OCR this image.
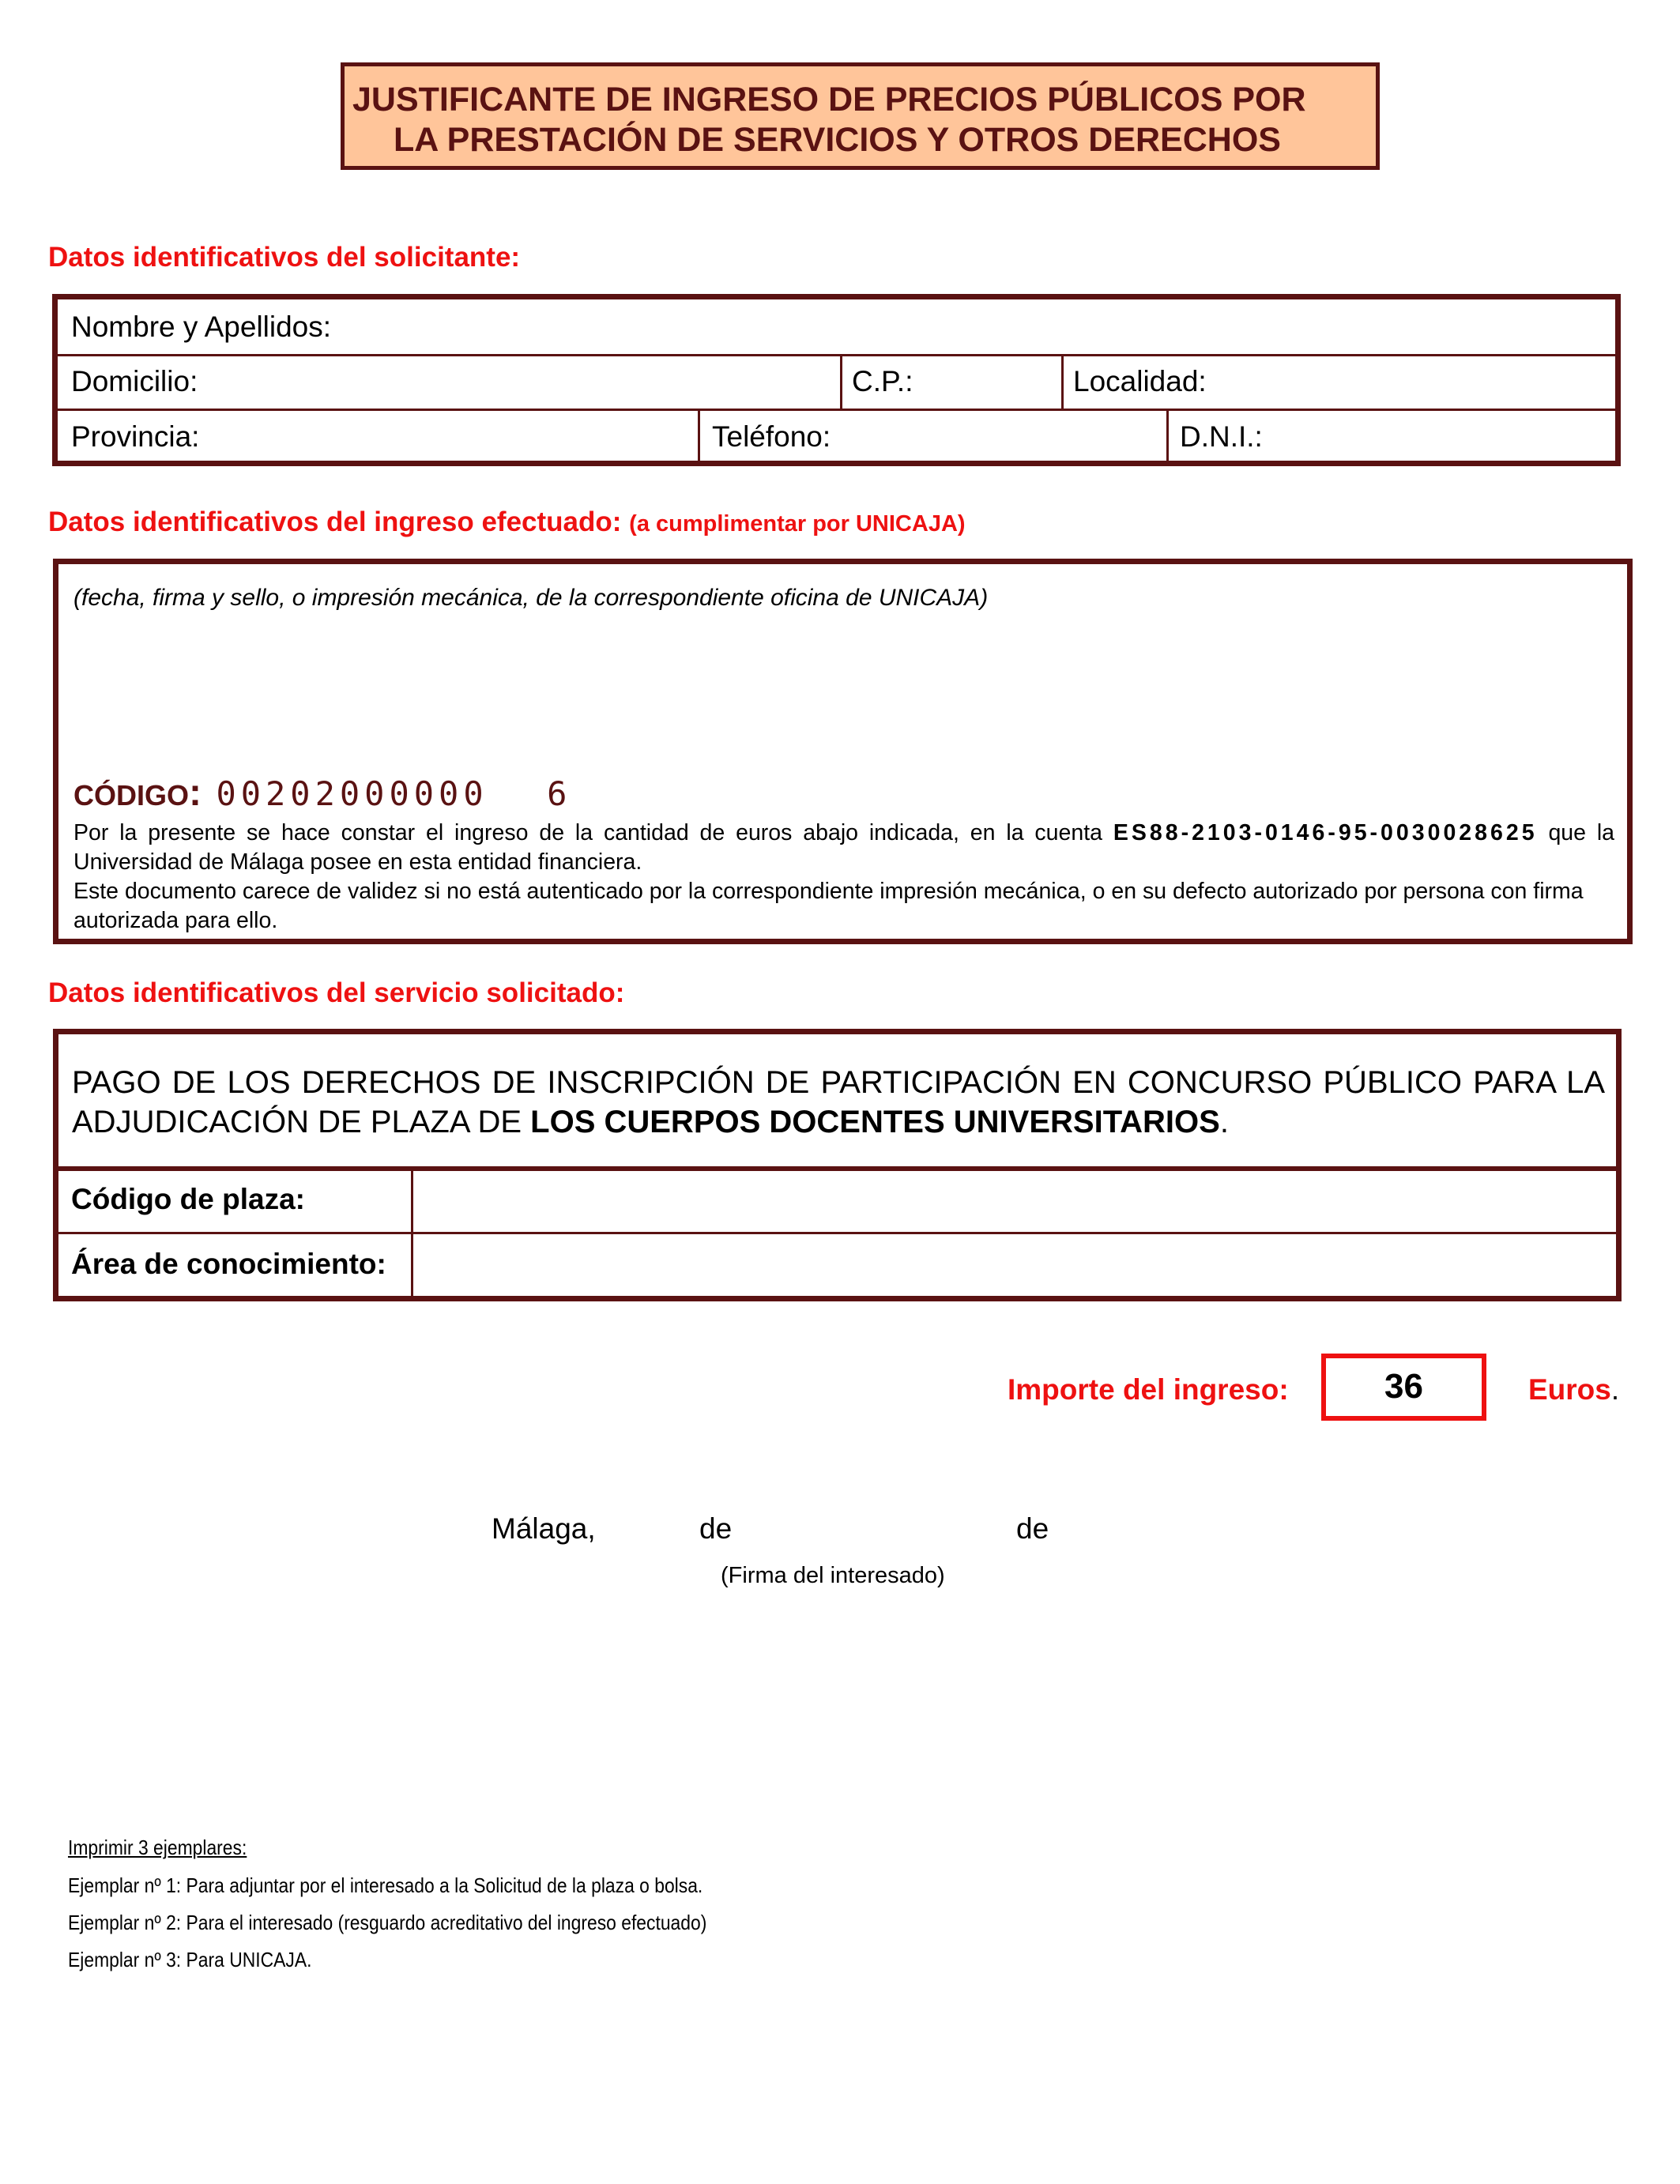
JUSTIFICANTE DE INGRESO DE PRECIOS PÚBLICOS POR
LA PRESTACIÓN DE SERVICIOS Y OTROS DERECHOS
Datos identificativos del solicitante:
Nombre y Apellidos:
Domicilio:	C.P.:	Localidad:
Provincia:	Teléfono:	D.N.I.:
Datos identificativos del ingreso efectuado: (a cumplimentar por UNICAJA)
(fecha, firma y sello, o impresión mecánica, de la correspondiente oficina de UNICAJA)
CÓDIGO: 00202000000 6

Por la presente se hace constar el ingreso de la cantidad de euros abajo indicada, en la cuenta ES88-2103-0146-95-0030028625 que la Universidad de Málaga posee en esta entidad financiera.

Este documento carece de validez si no está autenticado por la correspondiente impresión mecánica, o en su defecto autorizado por persona con firma autorizada para ello.

Datos identificativos del servicio solicitado:
PAGO DE LOS DERECHOS DE INSCRIPCIÓN DE PARTICIPACIÓN EN CONCURSO PÚBLICO PARA LA ADJUDICACIÓN DE PLAZA DE LOS CUERPOS DOCENTES UNIVERSITARIOS.
Código de plaza:
Área de conocimiento:
Importe del ingreso:	36	Euros.
Málaga,	de	de
(Firma del interesado)
Imprimir 3 ejemplares:
Ejemplar nº 1: Para adjuntar por el interesado a la Solicitud de la plaza o bolsa.
Ejemplar nº 2: Para el interesado (resguardo acreditativo del ingreso efectuado)
Ejemplar nº 3: Para UNICAJA.
